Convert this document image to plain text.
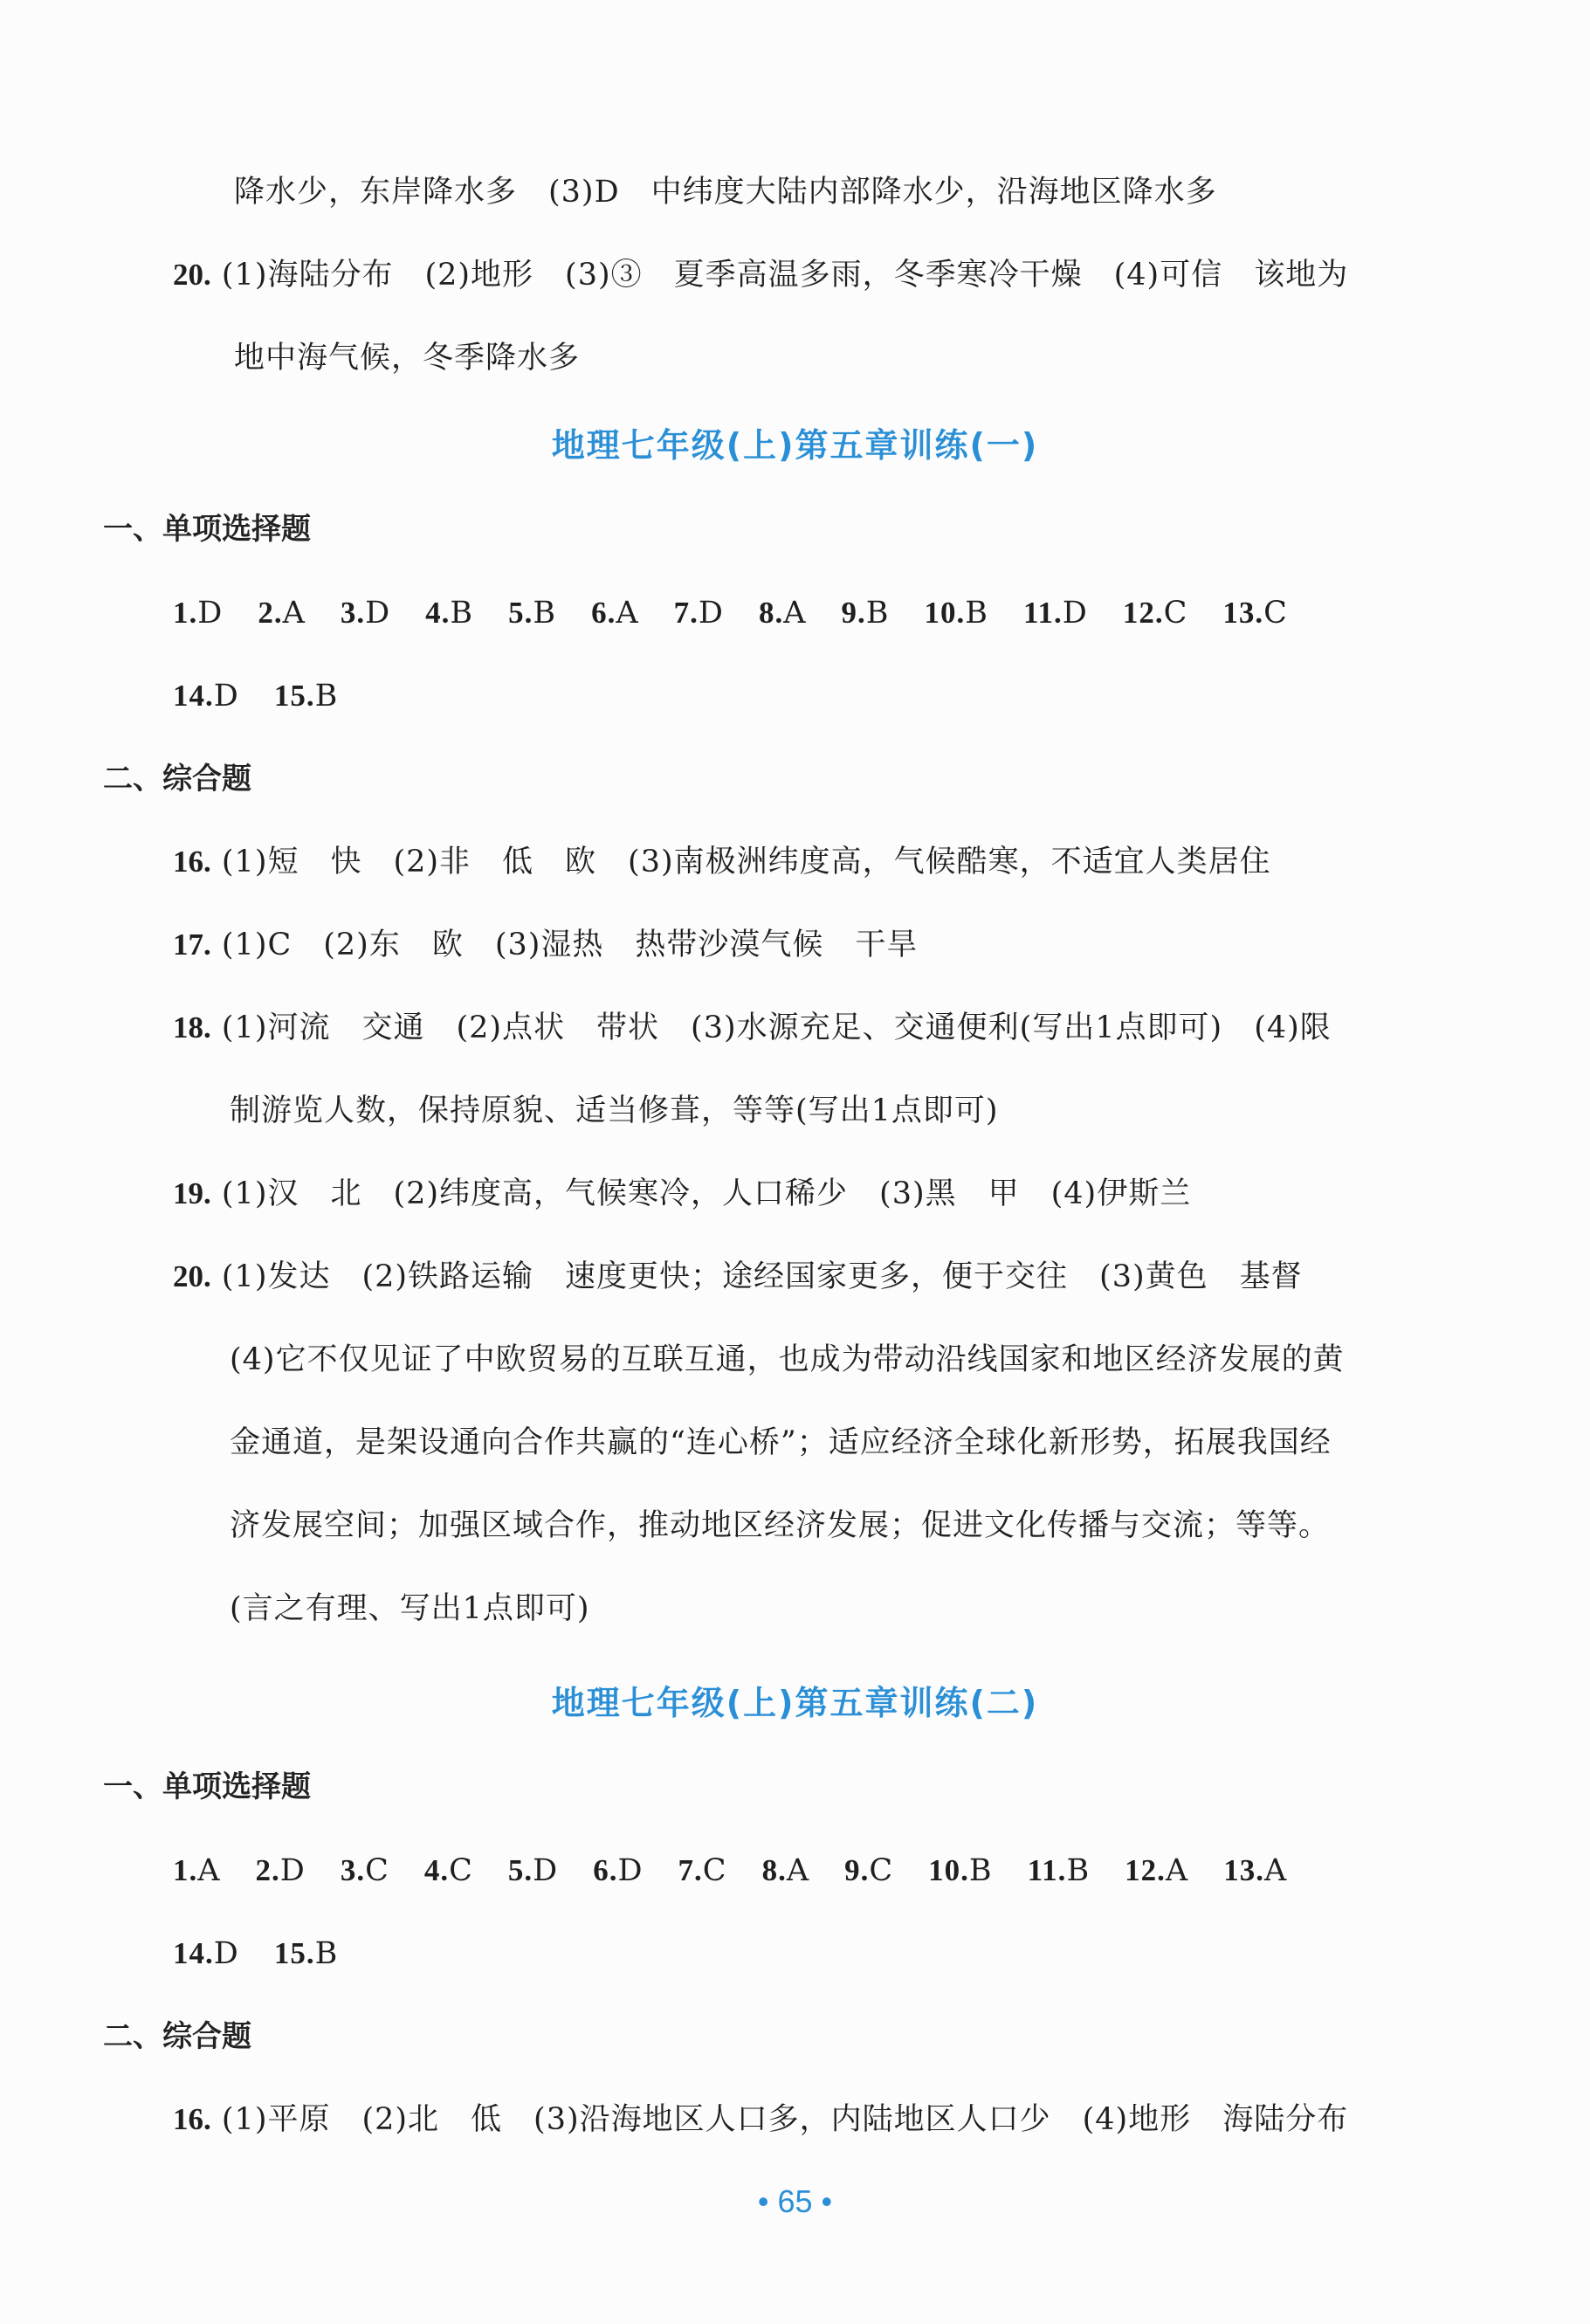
降水少，东岸降水多　(3)D　中纬度大陆内部降水少，沿海地区降水多
20. (1)海陆分布　(2)地形　(3)③　夏季高温多雨，冬季寒冷干燥　(4)可信　该地为
地中海气候，冬季降水多
地理七年级(上)第五章训练(一)
一、单项选择题
1.D 2.A 3.D 4.B 5.B 6.A 7.D 8.A 9.B 10.B 11.D 12.C 13.C
14.D 15.B
二、综合题
16. (1)短　快　(2)非　低　欧　(3)南极洲纬度高，气候酷寒，不适宜人类居住
17. (1)C　(2)东　欧　(3)湿热　热带沙漠气候　干旱
18. (1)河流　交通　(2)点状　带状　(3)水源充足、交通便利(写出1点即可)　(4)限
制游览人数，保持原貌、适当修葺，等等(写出1点即可)
19. (1)汉　北　(2)纬度高，气候寒冷，人口稀少　(3)黑　甲　(4)伊斯兰
20. (1)发达　(2)铁路运输　速度更快；途经国家更多，便于交往　(3)黄色　基督
(4)它不仅见证了中欧贸易的互联互通，也成为带动沿线国家和地区经济发展的黄
金通道，是架设通向合作共赢的“连心桥”；适应经济全球化新形势，拓展我国经
济发展空间；加强区域合作，推动地区经济发展；促进文化传播与交流；等等。
(言之有理、写出1点即可)
地理七年级(上)第五章训练(二)
一、单项选择题
1.A 2.D 3.C 4.C 5.D 6.D 7.C 8.A 9.C 10.B 11.B 12.A 13.A
14.D 15.B
二、综合题
16. (1)平原　(2)北　低　(3)沿海地区人口多，内陆地区人口少　(4)地形　海陆分布
• 65 •
